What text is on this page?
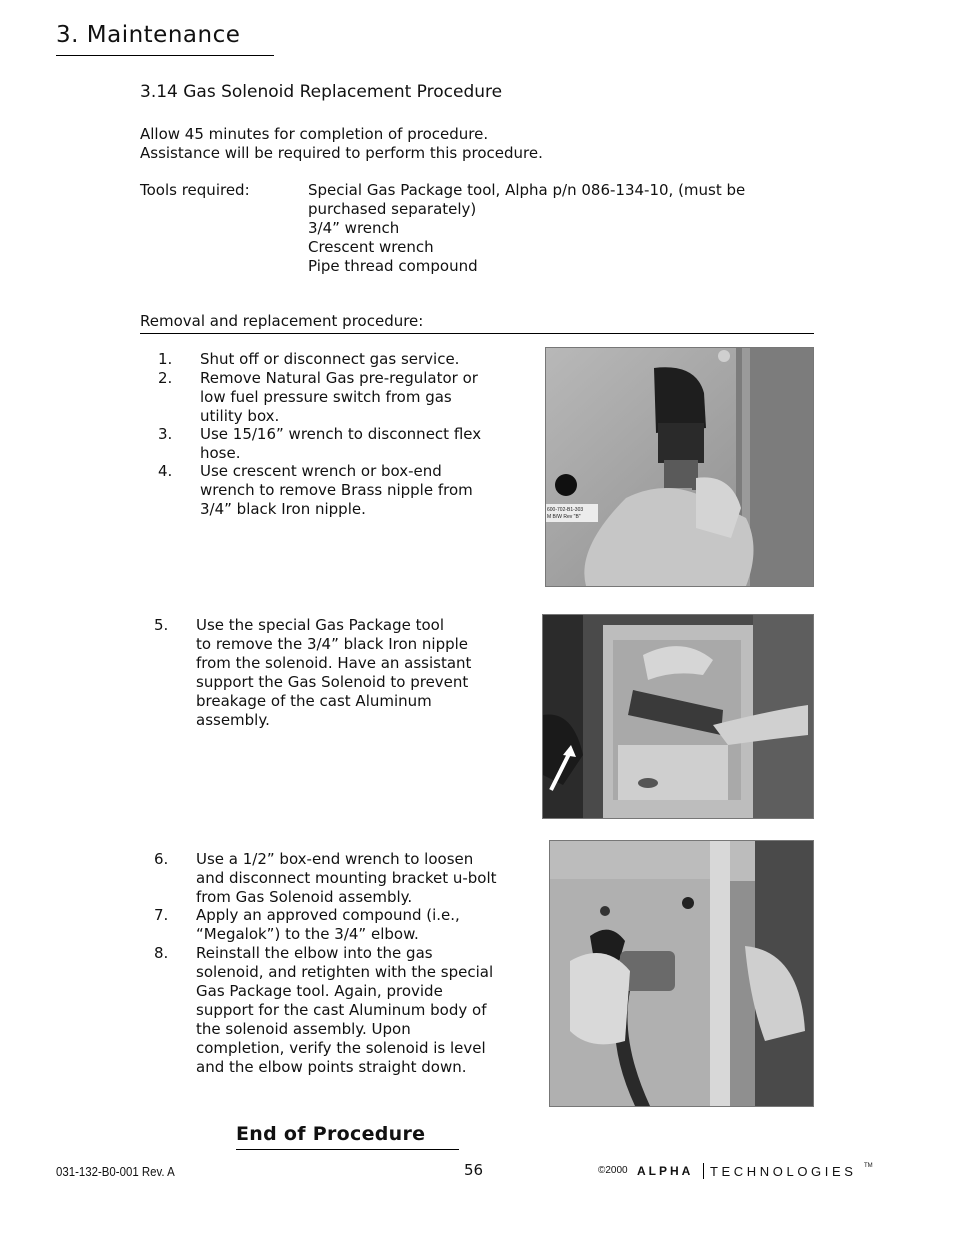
3. Maintenance
3.14 Gas Solenoid Replacement Procedure
Allow 45 minutes for completion of procedure.
Assistance will be required to perform this procedure.
Tools required:	Special Gas Package tool, Alpha p/n 086-134-10, (must be
purchased separately)
3/4” wrench
Crescent wrench
Pipe thread compound
Removal and replacement procedure:
1. Shut off or disconnect gas service.
2. Remove Natural Gas pre-regulator or
low fuel pressure switch from gas
utility box.
3. Use 15/16” wrench to disconnect flex
hose.
4. Use crescent wrench or box-end
wrench to remove Brass nipple from
3/4” black Iron nipple.	600-702-B1-303
M B/W Rev "B"
5. Use the special Gas Package tool
to remove the 3/4” black Iron nipple
from the solenoid. Have an assistant
support the Gas Solenoid to prevent
breakage of the cast Aluminum
assembly.
6. Use a 1/2” box-end wrench to loosen
and disconnect mounting bracket u-bolt
from Gas Solenoid assembly.
7. Apply an approved compound (i.e.,
“Megalok”) to the 3/4” elbow.
8. Reinstall the elbow into the gas
solenoid, and retighten with the special
Gas Package tool. Again, provide
support for the cast Aluminum body of
the solenoid assembly. Upon
completion, verify the solenoid is level
and the elbow points straight down.
End of Procedure
031-132-B0-001 Rev. A	56	©2000 ALPHA TECHNOLOGIES TM
